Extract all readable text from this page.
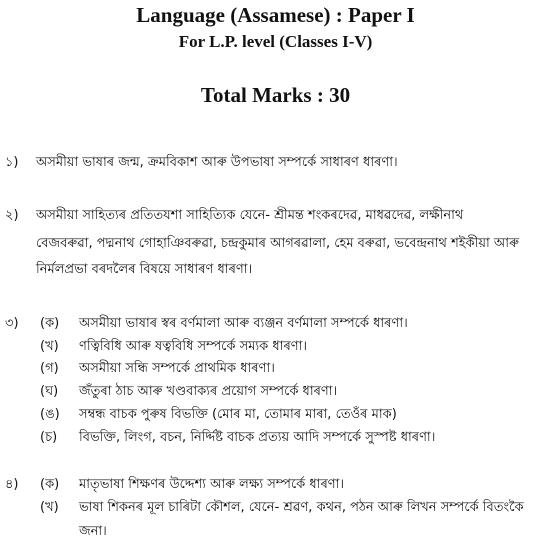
Language (Assamese) : Paper I
For L.P. level (Classes I-V)
Total Marks : 30
১)	অসমীয়া ভাষাৰ জন্ম, ক্ৰমবিকাশ আৰু উপভাষা সম্পৰ্কে সাধাৰণ ধাৰণা।
২)	অসমীয়া সাহিত্যৰ প্ৰতিতযশা সাহিত্যিক যেনে- শ্ৰীমন্ত শংকৰদেৱ, মাধৱদেৱ, লক্ষীনাথ
বেজবৰুৱা, পদ্মনাথ গোহাঞিবৰুৱা, চন্দ্ৰকুমাৰ আগৰৱালা, হেম বৰুৱা, ভবেন্দ্ৰনাথ শইকীয়া আৰু
নিৰ্মলপ্ৰভা বৰদলৈৰ বিষয়ে সাধাৰণ ধাৰণা।
৩)	(ক)	অসমীয়া ভাষাৰ স্বৰ বৰ্ণমালা আৰু ব্যঞ্জন বৰ্ণমালা সম্পৰ্কে ধাৰণা।
(খ)	ণত্বিবিধি আৰু ষত্ববিধি সম্পৰ্কে সম্যক ধাৰণা।
(গ)	অসমীয়া সন্ধি সম্পৰ্কে প্ৰাথমিক ধাৰণা।
(ঘ)	জঁতুৰা ঠাচ আৰু খণ্ডবাক্যৰ প্ৰয়োগ সম্পৰ্কে ধাৰণা।
(ঙ)	সম্বন্ধ বাচক পুৰুষ বিভক্তি (মোৰ মা, তোমাৰ মাৰা, তেওঁৰ মাক)
(চ)	বিভক্তি, লিংগ, বচন, নিৰ্দ্দিষ্ট বাচক প্ৰত্যয় আদি সম্পৰ্কে সুস্পষ্ট ধাৰণা।
৪)	(ক)	মাতৃভাষা শিক্ষণৰ উদ্দেশ্য আৰু লক্ষ্য সম্পৰ্কে ধাৰণা।
(খ)	ভাষা শিকনৰ মূল চাৰিটা কৌশল, যেনে- শ্ৰৱণ, কথন, পঠন আৰু লিখন সম্পৰ্কে বিতংকৈ
জনা।
